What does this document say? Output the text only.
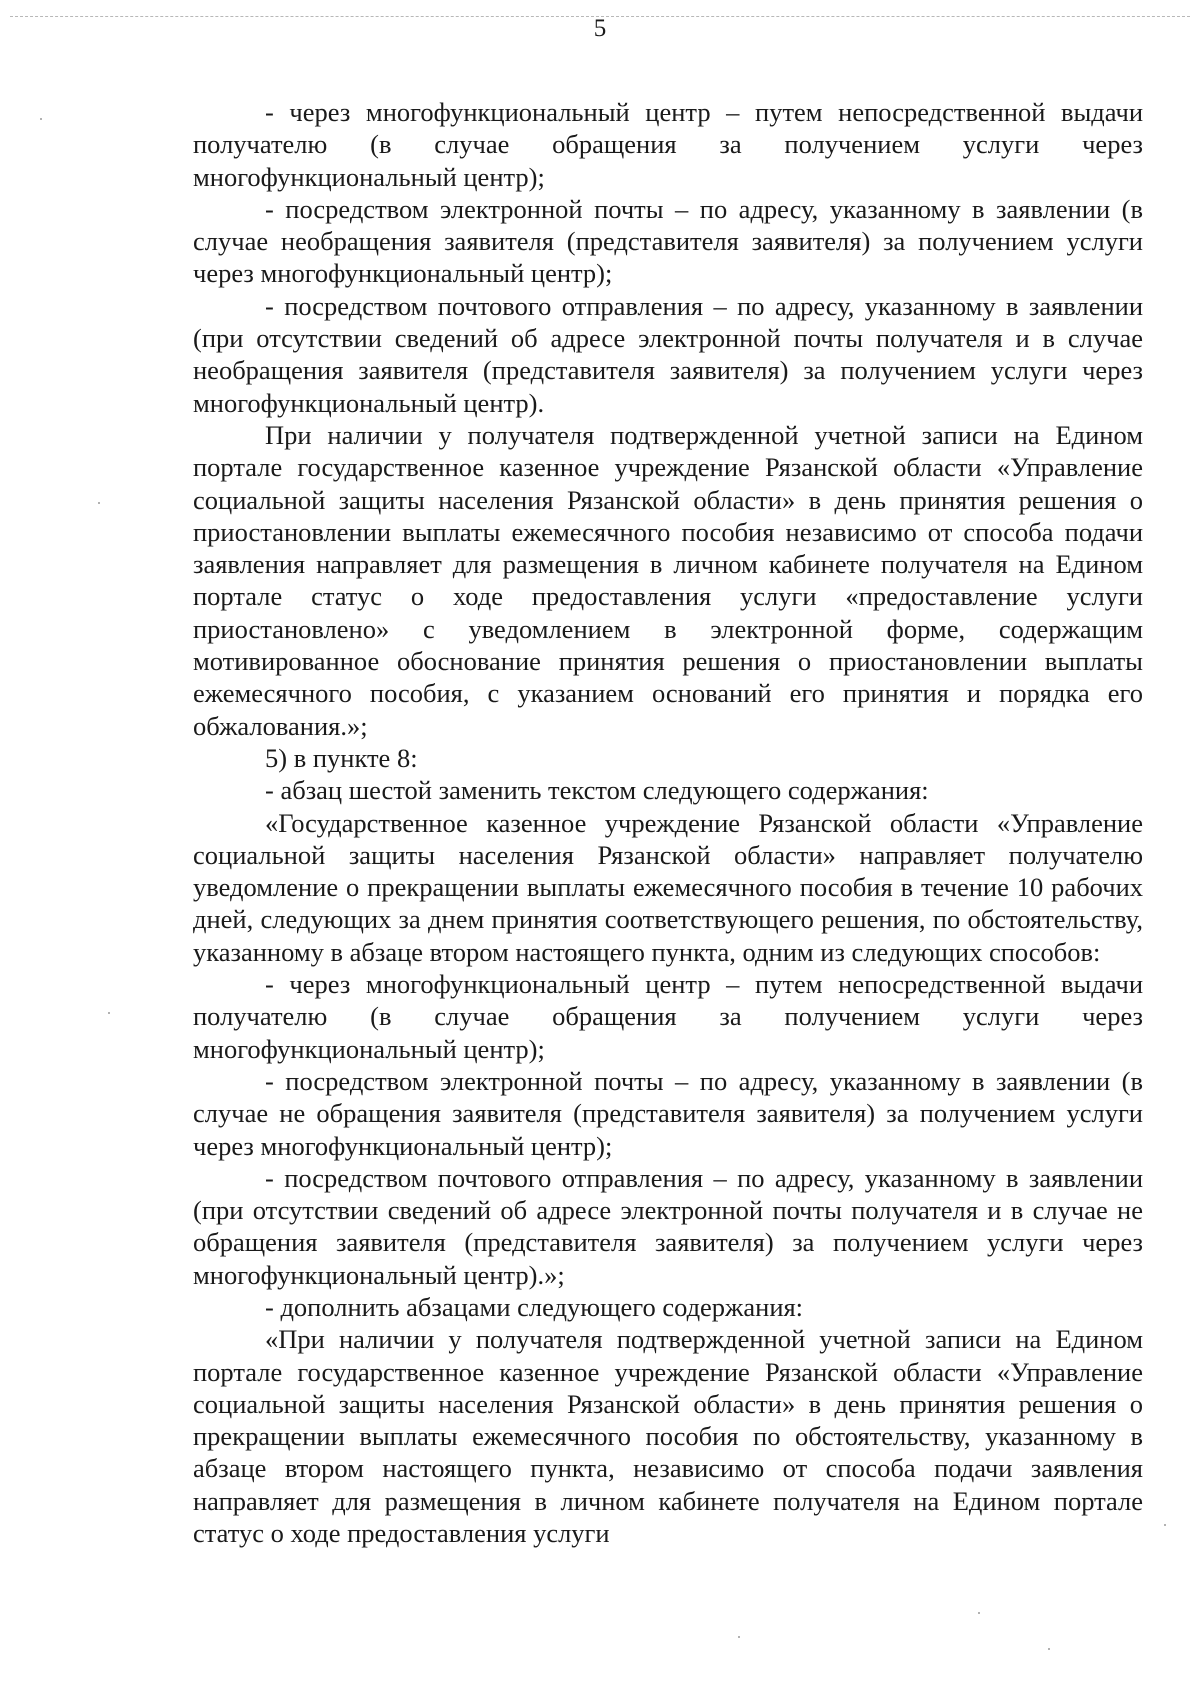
5

- через многофункциональный центр – путем непосредственной выдачи получателю (в случае обращения за получением услуги через многофункциональный центр);

- посредством электронной почты – по адресу, указанному в заявлении (в случае необращения заявителя (представителя заявителя) за получением услуги через многофункциональный центр);

- посредством почтового отправления – по адресу, указанному в заявлении (при отсутствии сведений об адресе электронной почты получателя и в случае необращения заявителя (представителя заявителя) за получением услуги через многофункциональный центр).

При наличии у получателя подтвержденной учетной записи на Едином портале государственное казенное учреждение Рязанской области «Управление социальной защиты населения Рязанской области» в день принятия решения о приостановлении выплаты ежемесячного пособия независимо от способа подачи заявления направляет для размещения в личном кабинете получателя на Едином портале статус о ходе предоставления услуги «предоставление услуги приостановлено» с уведомлением в электронной форме, содержащим мотивированное обоснование принятия решения о приостановлении выплаты ежемесячного пособия, с указанием оснований его принятия и порядка его обжалования.»;

5) в пункте 8:

- абзац шестой заменить текстом следующего содержания:

«Государственное казенное учреждение Рязанской области «Управление социальной защиты населения Рязанской области» направляет получателю уведомление о прекращении выплаты ежемесячного пособия в течение 10 рабочих дней, следующих за днем принятия соответствующего решения, по обстоятельству, указанному в абзаце втором настоящего пункта, одним из следующих способов:

- через многофункциональный центр – путем непосредственной выдачи получателю (в случае обращения за получением услуги через многофункциональный центр);

- посредством электронной почты – по адресу, указанному в заявлении (в случае не обращения заявителя (представителя заявителя) за получением услуги через многофункциональный центр);

- посредством почтового отправления – по адресу, указанному в заявлении (при отсутствии сведений об адресе электронной почты получателя и в случае не обращения заявителя (представителя заявителя) за получением услуги через многофункциональный центр).»;

- дополнить абзацами следующего содержания:

«При наличии у получателя подтвержденной учетной записи на Едином портале государственное казенное учреждение Рязанской области «Управление социальной защиты населения Рязанской области» в день принятия решения о прекращении выплаты ежемесячного пособия по обстоятельству, указанному в абзаце втором настоящего пункта, независимо от способа подачи заявления направляет для размещения в личном кабинете получателя на Едином портале статус о ходе предоставления услуги
